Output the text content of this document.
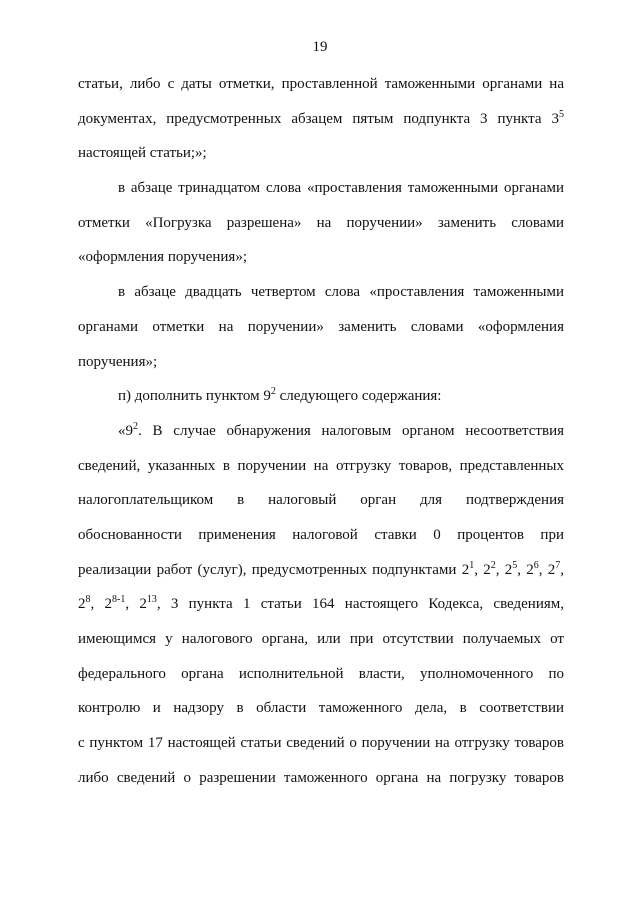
19
статьи, либо с даты отметки, проставленной таможенными органами на
документах, предусмотренных абзацем пятым подпункта 3 пункта $3^5$
настоящей статьи;»;
в абзаце тринадцатом слова «проставления таможенными органами
отметки «Погрузка разрешена» на поручении» заменить словами
«оформления поручения»;
в абзаце двадцать четвертом слова «проставления таможенными
органами отметки на поручении» заменить словами «оформления
поручения»;
п) дополнить пунктом $9^2$ следующего содержания:
«$9^2$. В случае обнаружения налоговым органом несоответствия
сведений, указанных в поручении на отгрузку товаров, представленных
налогоплательщиком в налоговый орган для подтверждения
обоснованности применения налоговой ставки 0 процентов при
реализации работ (услуг), предусмотренных подпунктами $2^1$, $2^2$, $2^5$, $2^6$, $2^7$,
$2^8$, 2$^{8-1}$, $2^{13}$, 3 пункта 1 статьи 164 настоящего Кодекса, сведениям,
имеющимся у налогового органа, или при отсутствии получаемых от
федерального органа исполнительной власти, уполномоченного по
контролю и надзору в области таможенного дела, в соответствии
с пунктом 17 настоящей статьи сведений о поручении на отгрузку товаров
либо сведений о разрешении таможенного органа на погрузку товаров
